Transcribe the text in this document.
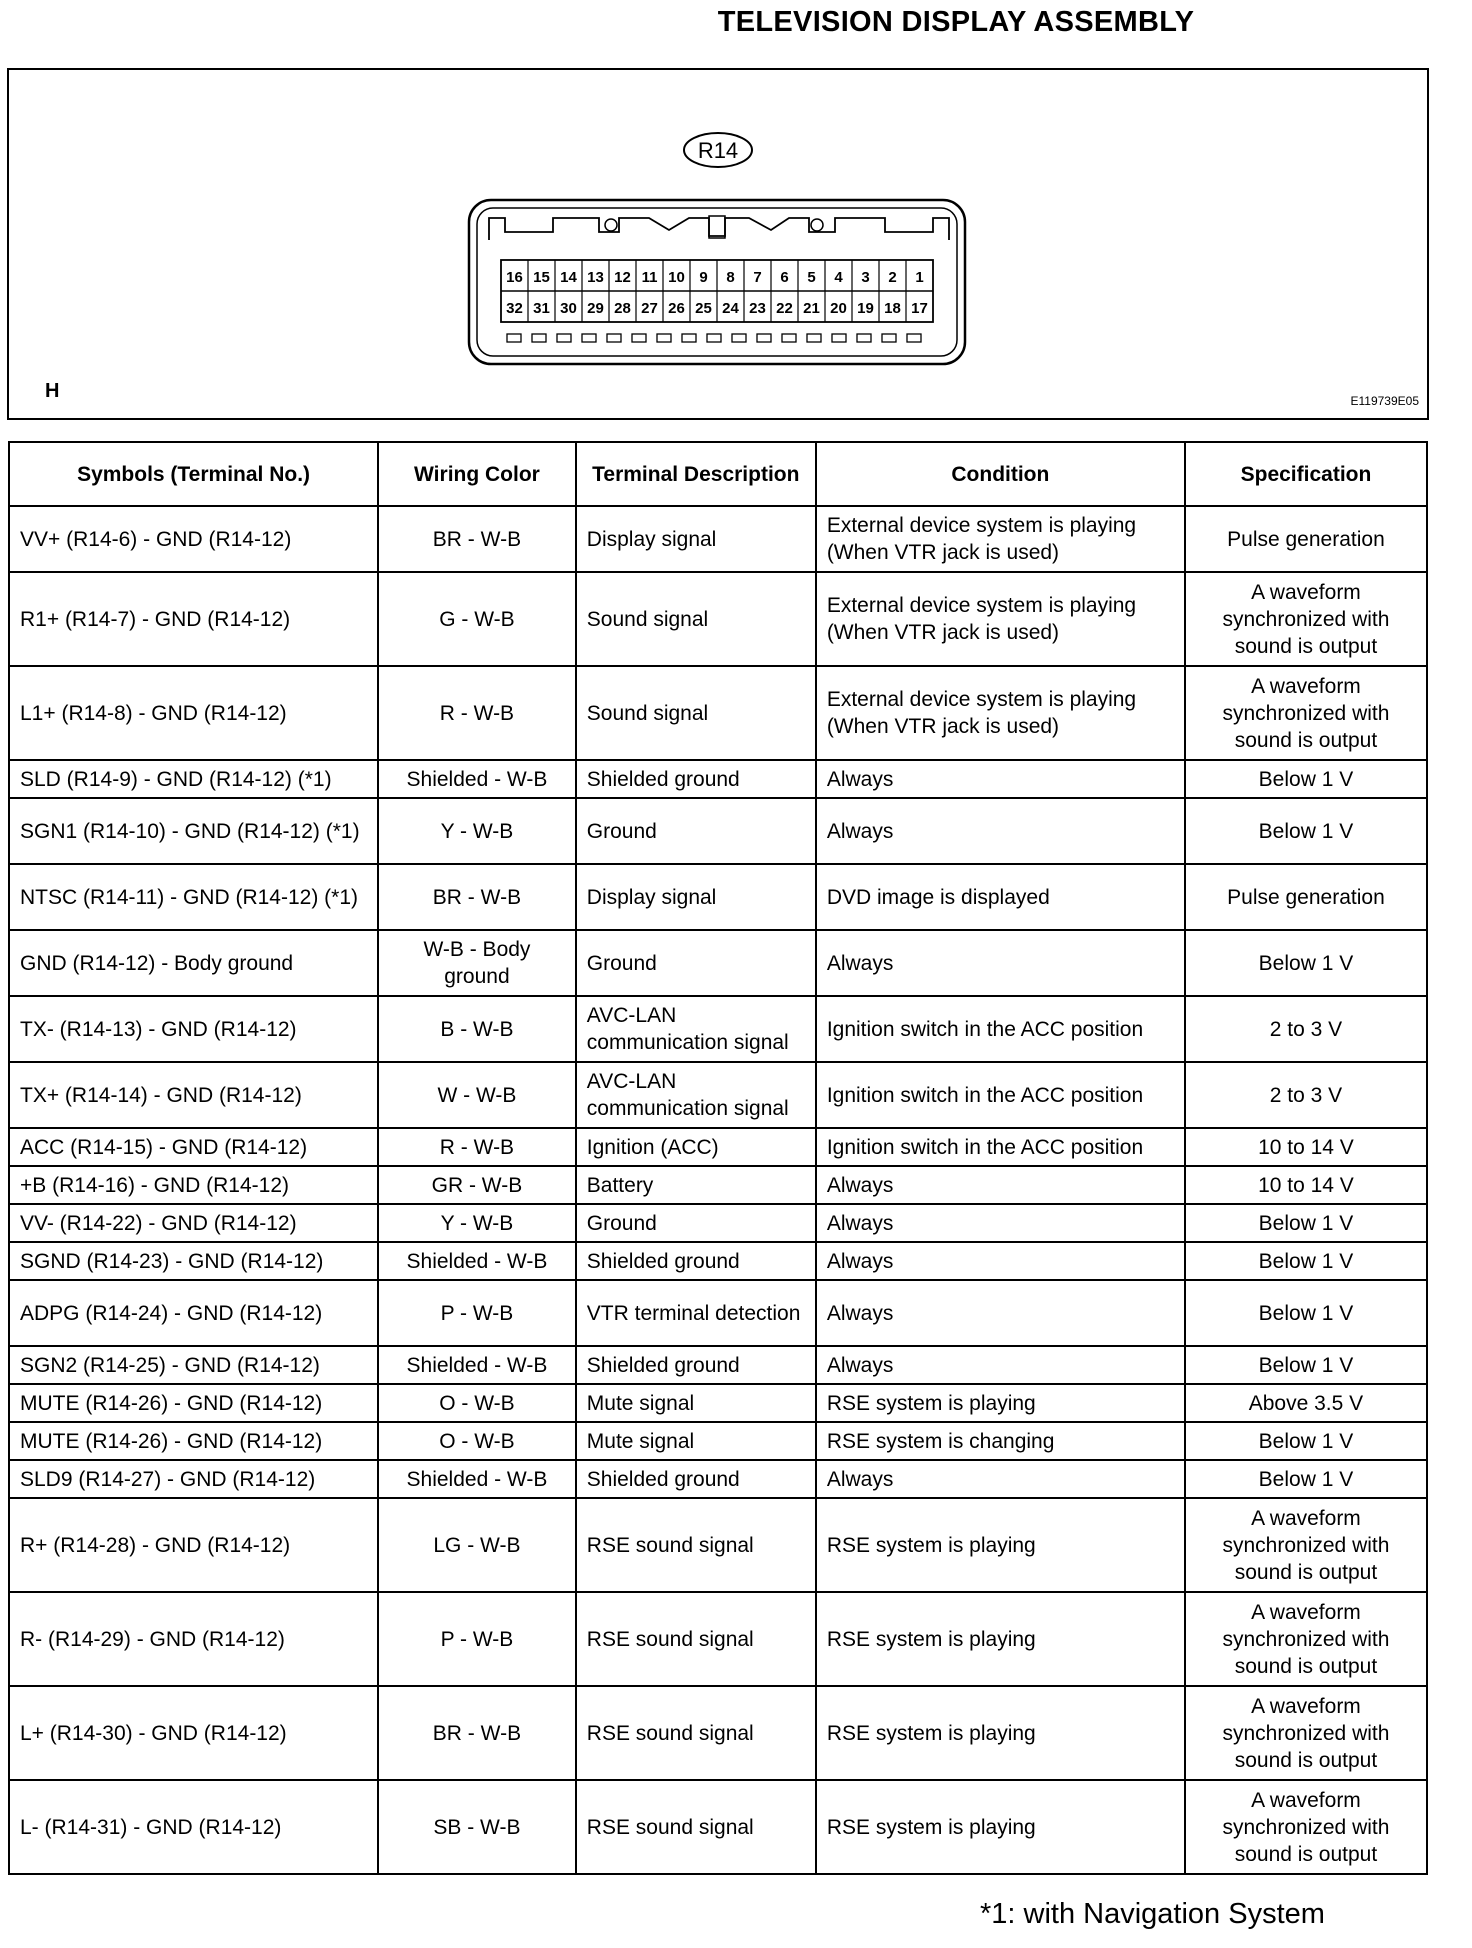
TELEVISION DISPLAY ASSEMBLY
R14
16 15 14 13 12 11 10 9 8 7 6 5 4 3 2 1
32 31 30 29 28 27 26 25 24 23 22 21 20 19 18 17
H	E119739E05
Symbols (Terminal No.)	Wiring Color	Terminal Description	Condition	Specification
VV+ (R14-6) - GND (R14-12)	BR - W-B	Display signal	External device system is playing (When VTR jack is used)	Pulse generation
R1+ (R14-7) - GND (R14-12)	G - W-B	Sound signal	External device system is playing (When VTR jack is used)	A waveform synchronized with sound is output
L1+ (R14-8) - GND (R14-12)	R - W-B	Sound signal	External device system is playing (When VTR jack is used)	A waveform synchronized with sound is output
SLD (R14-9) - GND (R14-12) (*1)	Shielded - W-B	Shielded ground	Always	Below 1 V
SGN1 (R14-10) - GND (R14-12) (*1)	Y - W-B	Ground	Always	Below 1 V
NTSC (R14-11) - GND (R14-12) (*1)	BR - W-B	Display signal	DVD image is displayed	Pulse generation
GND (R14-12) - Body ground	W-B - Body ground	Ground	Always	Below 1 V
TX- (R14-13) - GND (R14-12)	B - W-B	AVC-LAN communication signal	Ignition switch in the ACC position	2 to 3 V
TX+ (R14-14) - GND (R14-12)	W - W-B	AVC-LAN communication signal	Ignition switch in the ACC position	2 to 3 V
ACC (R14-15) - GND (R14-12)	R - W-B	Ignition (ACC)	Ignition switch in the ACC position	10 to 14 V
+B (R14-16) - GND (R14-12)	GR - W-B	Battery	Always	10 to 14 V
VV- (R14-22) - GND (R14-12)	Y - W-B	Ground	Always	Below 1 V
SGND (R14-23) - GND (R14-12)	Shielded - W-B	Shielded ground	Always	Below 1 V
ADPG (R14-24) - GND (R14-12)	P - W-B	VTR terminal detection	Always	Below 1 V
SGN2 (R14-25) - GND (R14-12)	Shielded - W-B	Shielded ground	Always	Below 1 V
MUTE (R14-26) - GND (R14-12)	O - W-B	Mute signal	RSE system is playing	Above 3.5 V
MUTE (R14-26) - GND (R14-12)	O - W-B	Mute signal	RSE system is changing	Below 1 V
SLD9 (R14-27) - GND (R14-12)	Shielded - W-B	Shielded ground	Always	Below 1 V
R+ (R14-28) - GND (R14-12)	LG - W-B	RSE sound signal	RSE system is playing	A waveform synchronized with sound is output
R- (R14-29) - GND (R14-12)	P - W-B	RSE sound signal	RSE system is playing	A waveform synchronized with sound is output
L+ (R14-30) - GND (R14-12)	BR - W-B	RSE sound signal	RSE system is playing	A waveform synchronized with sound is output
L- (R14-31) - GND (R14-12)	SB - W-B	RSE sound signal	RSE system is playing	A waveform synchronized with sound is output
*1: with Navigation System
